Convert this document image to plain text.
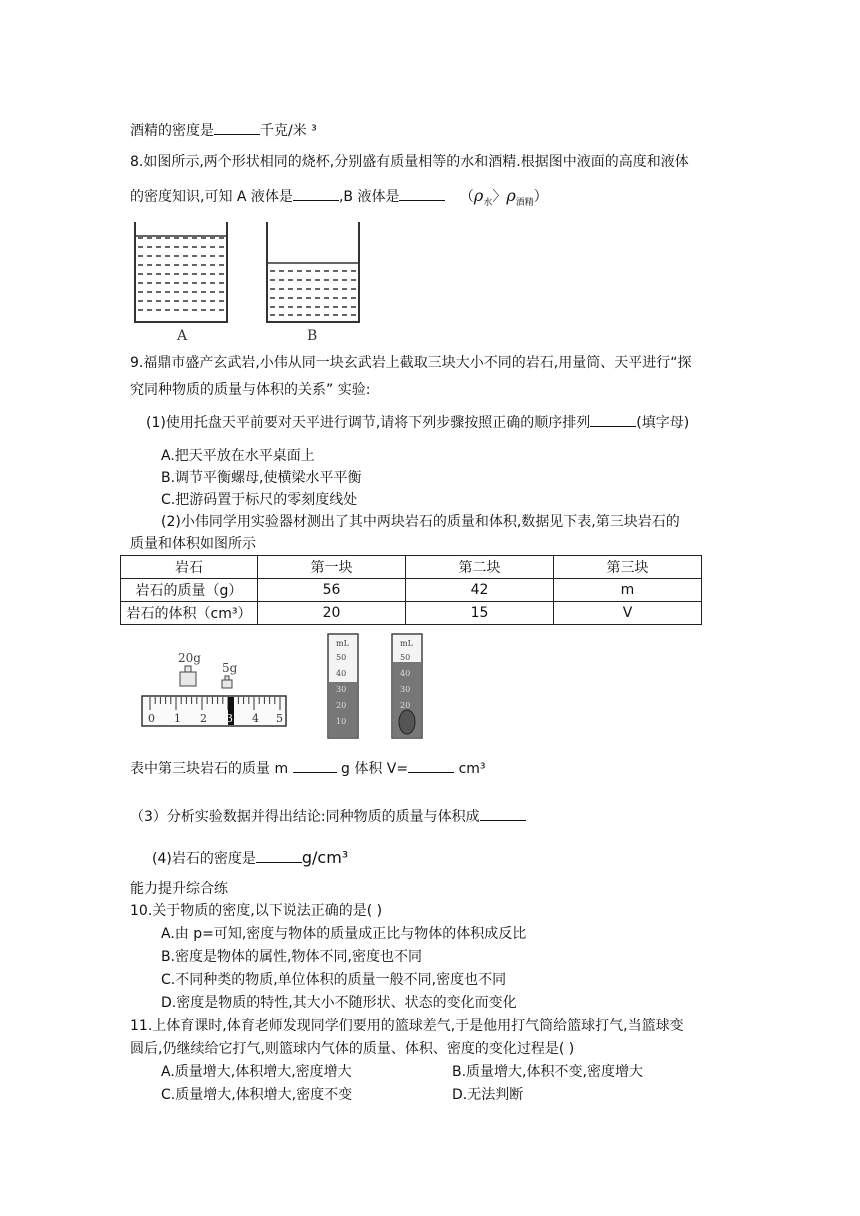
酒精的密度是	千克/米 ³
8.如图所示,两个形状相同的烧杯,分别盛有质量相等的水和酒精.根据图中液面的高度和液体
的密度知识,可知 A 液体是	,B 液体是	（$\rho_水$〉$\rho_{酒精}$）
A	B
9.福鼎市盛产玄武岩,小伟从同一块玄武岩上截取三块大小不同的岩石,用量筒、天平进行“探
究同种物质的质量与体积的关系” 实验:
(1)使用托盘天平前要对天平进行调节,请将下列步骤按照正确的顺序排列	(填字母)
A.把天平放在水平桌面上
B.调节平衡螺母,使横梁水平平衡
C.把游码置于标尺的零刻度线处
(2)小伟同学用实验器材测出了其中两块岩石的质量和体积,数据见下表,第三块岩石的
质量和体积如图所示
岩石	第一块	第二块	第三块
岩石的质量（g）	56	42	m
岩石的体积（cm³）	20	15	V
20g
5g
0 1 2 3 4 5
mL
50
40
30
20
10
mL
50
40
30
20
表中第三块岩石的质量 m	g 体积 V=	cm³
（3）分析实验数据并得出结论:同种物质的质量与体积成
(4)岩石的密度是	g/cm³
能力提升综合练
10.关于物质的密度,以下说法正确的是( )
A.由 p=可知,密度与物体的质量成正比与物体的体积成反比
B.密度是物体的属性,物体不同,密度也不同
C.不同种类的物质,单位体积的质量一般不同,密度也不同
D.密度是物质的特性,其大小不随形状、状态的变化而变化
11.上体育课时,体育老师发现同学们要用的篮球差气,于是他用打气筒给篮球打气,当篮球变
圆后,仍继续给它打气,则篮球内气体的质量、体积、密度的变化过程是( )
A.质量增大,体积增大,密度增大	B.质量增大,体积不变,密度增大
C.质量增大,体积增大,密度不变	D.无法判断
